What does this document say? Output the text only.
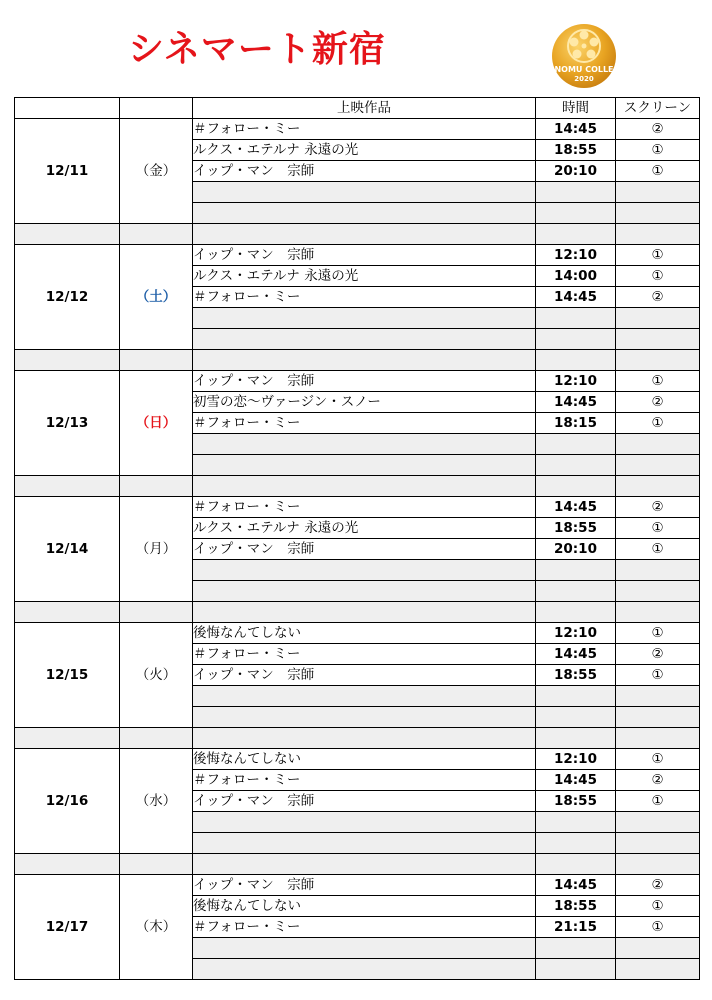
シネマート新宿	NOMU COLLE
2020
		上映作品	時間	スクリーン
12/11	（金）	＃フォロー・ミー	14:45	②
		ルクス・エテルナ 永遠の光	18:55	①
		イップ・マン　宗師	20:10	①

12/12	（土）	イップ・マン　宗師	12:10	①
		ルクス・エテルナ 永遠の光	14:00	①
		＃フォロー・ミー	14:45	②

12/13	（日）	イップ・マン　宗師	12:10	①
		初雪の恋～ヴァージン・スノー	14:45	②
		＃フォロー・ミー	18:15	①

12/14	（月）	＃フォロー・ミー	14:45	②
		ルクス・エテルナ 永遠の光	18:55	①
		イップ・マン　宗師	20:10	①

12/15	（火）	後悔なんてしない	12:10	①
		＃フォロー・ミー	14:45	②
		イップ・マン　宗師	18:55	①

12/16	（水）	後悔なんてしない	12:10	①
		＃フォロー・ミー	14:45	②
		イップ・マン　宗師	18:55	①

12/17	（木）	イップ・マン　宗師	14:45	②
		後悔なんてしない	18:55	①
		＃フォロー・ミー	21:15	①
